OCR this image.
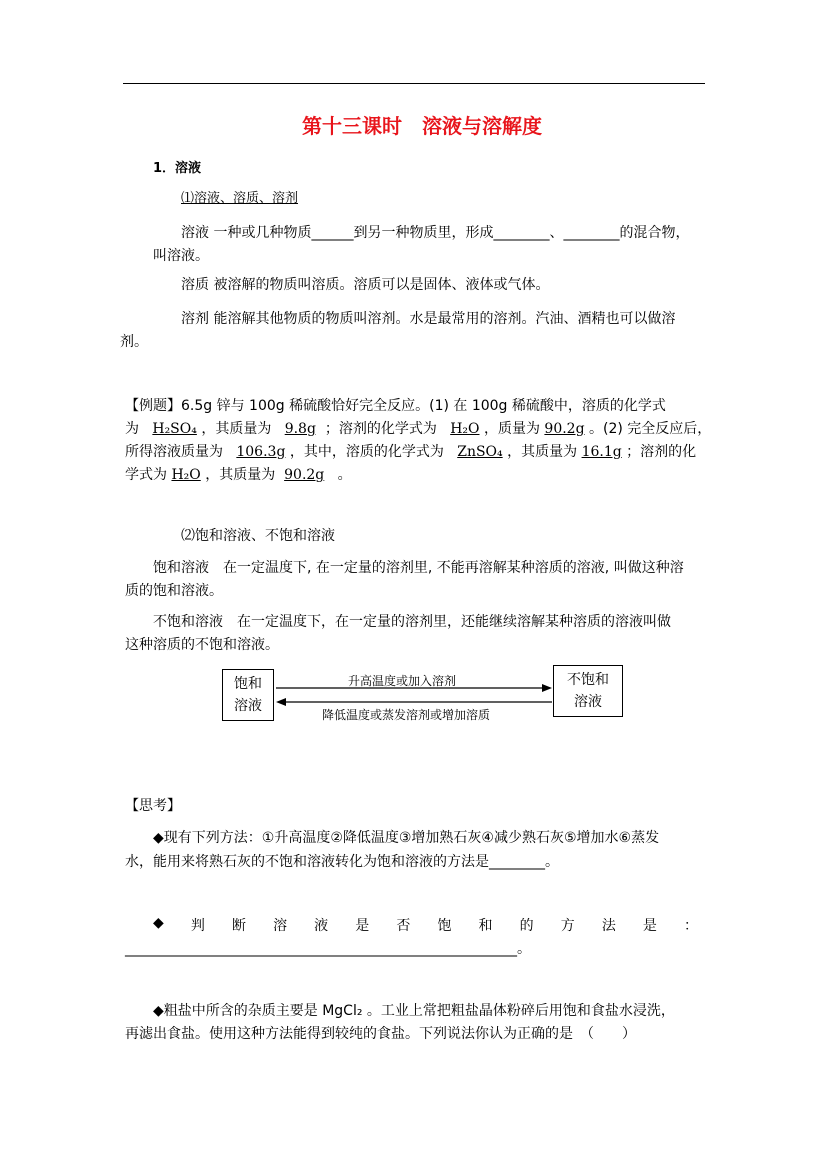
第十三课时　溶液与溶解度
1．溶液
⑴溶液、溶质、溶剂
溶液 一种或几种物质______到另一种物质里，形成________、________的混合物，
叫溶液。
溶质 被溶解的物质叫溶质。溶质可以是固体、液体或气体。
溶剂 能溶解其他物质的物质叫溶剂。水是最常用的溶剂。汽油、酒精也可以做溶
剂。
【例题】6.5g 锌与 100g 稀硫酸恰好完全反应。(1) 在 100g 稀硫酸中，溶质的化学式
为 H₂SO₄ ，其质量为 9.8g ；溶剂的化学式为 H₂O ，质量为 90.2g 。(2) 完全反应后，
所得溶液质量为 106.3g ，其中，溶质的化学式为 ZnSO₄ ，其质量为 16.1g ；溶剂的化
学式为 H₂O ，其质量为 90.2g 。
⑵饱和溶液、不饱和溶液
饱和溶液　在一定温度下, 在一定量的溶剂里, 不能再溶解某种溶质的溶液, 叫做这种溶
质的饱和溶液。
不饱和溶液　在一定温度下，在一定量的溶剂里，还能继续溶解某种溶质的溶液叫做
这种溶质的不饱和溶液。
饱和
溶液
不饱和
溶液
升高温度或加入溶剂
降低温度或蒸发溶剂或增加溶质
【思考】
◆现有下列方法：①升高温度②降低温度③增加熟石灰④减少熟石灰⑤增加水⑥蒸发
水，能用来将熟石灰的不饱和溶液转化为饱和溶液的方法是________。
◆ 判 断 溶 液 是 否 饱 和 的 方 法 是 ：
________________________________________________________。
◆粗盐中所含的杂质主要是 MgCl₂ 。工业上常把粗盐晶体粉碎后用饱和食盐水浸洗，
再滤出食盐。使用这种方法能得到较纯的食盐。下列说法你认为正确的是　（　　）
